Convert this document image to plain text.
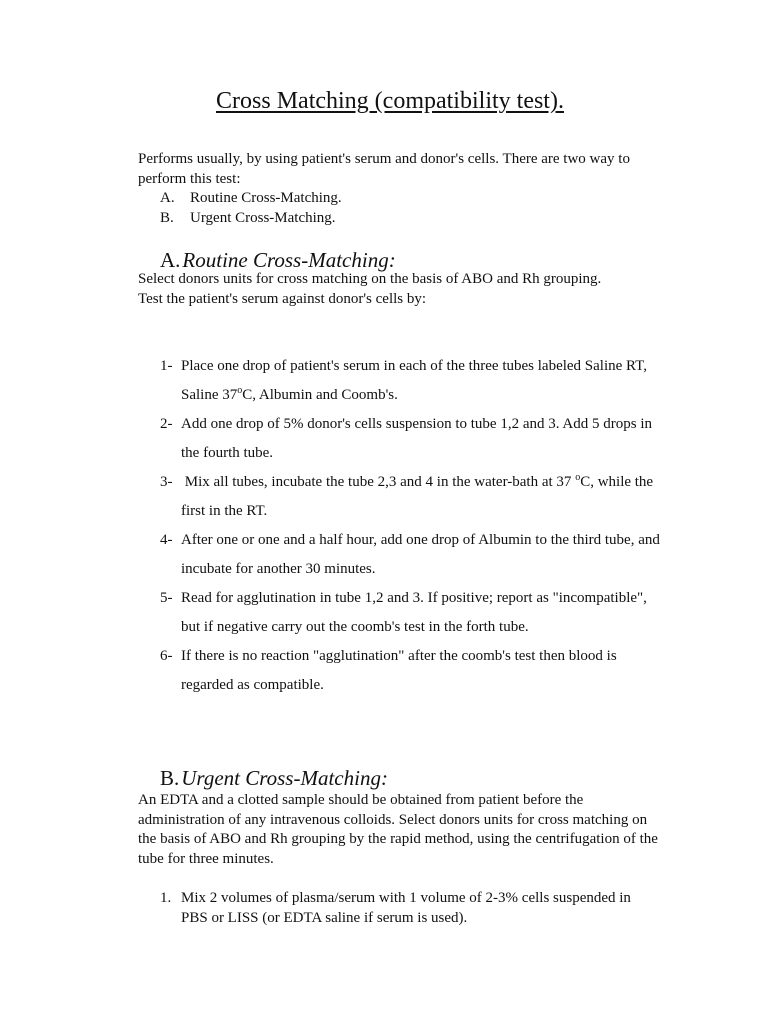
Cross Matching (compatibility test).

Performs usually, by using patient's serum and donor's cells. There are two way to perform this test:

A.	Routine Cross-Matching.
B.	Urgent Cross-Matching.
A.Routine Cross-Matching:

Select donors units for cross matching on the basis of ABO and Rh grouping.

Test the patient's serum against donor's cells by:

1- Place one drop of patient's serum in each of the three tubes labeled Saline RT, Saline 37$^o$C, Albumin and Coomb's.
2- Add one drop of 5% donor's cells suspension to tube 1,2 and 3. Add 5 drops in the fourth tube.
3- Mix all tubes, incubate the tube 2,3 and 4 in the water-bath at 37 $^o$C, while the first in the RT.
4- After one or one and a half hour, add one drop of Albumin to the third tube, and incubate for another 30 minutes.
5- Read for agglutination in tube 1,2 and 3. If positive; report as "incompatible", but if negative carry out the coomb's test in the forth tube.
6- If there is no reaction "agglutination" after the coomb's test then blood is regarded as compatible.
B.Urgent Cross-Matching:

An EDTA and a clotted sample should be obtained from patient before the administration of any intravenous colloids. Select donors units for cross matching on the basis of ABO and Rh grouping by the rapid method, using the centrifugation of the tube for three minutes.

1. Mix 2 volumes of plasma/serum with 1 volume of 2-3% cells suspended in PBS or LISS (or EDTA saline if serum is used).
